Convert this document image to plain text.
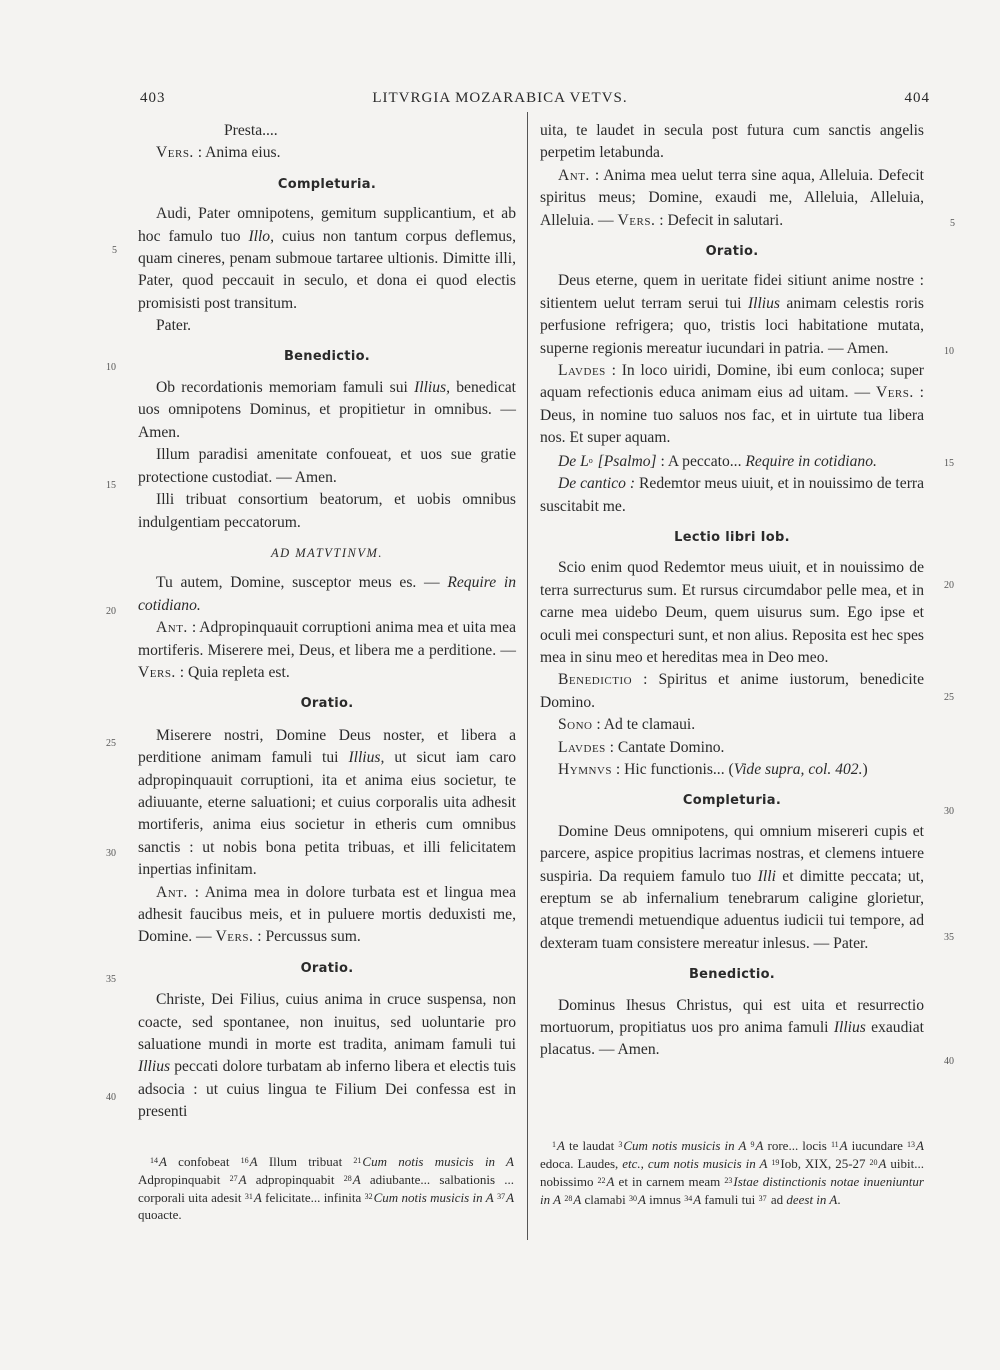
403	LITVRGIA MOZARABICA VETVS.	404

Presta....

Vers. : Anima eius.

Completuria.

Audi, Pater omnipotens, gemitum supplicantium, et ab hoc famulo tuo Illo, cuius non tantum corpus deflemus, quam cineres, penam submoue tartaree ultionis. Dimitte illi, Pater, quod peccauit in seculo, et dona ei quod electis promisisti post transitum.

Pater.

Benedictio.

Ob recordationis memoriam famuli sui Illius, benedicat uos omnipotens Dominus, et propitietur in omnibus. — Amen.

Illum paradisi amenitate confoueat, et uos sue gratie protectione custodiat. — Amen.

Illi tribuat consortium beatorum, et uobis omnibus indulgentiam peccatorum.

AD MATVTINVM.

Tu autem, Domine, susceptor meus es. — Require in cotidiano.

Ant. : Adpropinquauit corruptioni anima mea et uita mea mortiferis. Miserere mei, Deus, et libera me a perditione. — Vers. : Quia repleta est.

Oratio.

Miserere nostri, Domine Deus noster, et libera a perditione animam famuli tui Illius, ut sicut iam caro adpropinquauit corruptioni, ita et anima eius societur, te adiuuante, eterne saluationi; et cuius corporalis uita adhesit mortiferis, anima eius societur in etheris cum omnibus sanctis : ut nobis bona petita tribuas, et illi felicitatem inpertias infinitam.

Ant. : Anima mea in dolore turbata est et lingua mea adhesit faucibus meis, et in puluere mortis deduxisti me, Domine. — Vers. : Percussus sum.

Oratio.

Christe, Dei Filius, cuius anima in cruce suspensa, non coacte, sed spontanee, non inuitus, sed uoluntarie pro saluatione mundi in morte est tradita, animam famuli tui Illius peccati dolore turbatam ab inferno libera et electis tuis adsocia : ut cuius lingua te Filium Dei confessa est in presenti

uita, te laudet in secula post futura cum sanctis angelis perpetim letabunda.

Ant. : Anima mea uelut terra sine aqua, Alleluia. Defecit spiritus meus; Domine, exaudi me, Alleluia, Alleluia, Alleluia. — Vers. : Defecit in salutari.

Oratio.

Deus eterne, quem in ueritate fidei sitiunt anime nostre : sitientem uelut terram serui tui Illius animam celestis roris perfusione refrigera; quo, tristis loci habitatione mutata, superne regionis mereatur iucundari in patria. — Amen.

Lavdes : In loco uiridi, Domine, ibi eum conloca; super aquam refectionis educa animam eius ad uitam. — Vers. : Deus, in nomine tuo saluos nos fac, et in uirtute tua libera nos. Et super aquam.

De $L^o$ [Psalmo] : A peccato... Require in cotidiano.

De cantico : Redemtor meus uiuit, et in nouissimo de terra suscitabit me.

Lectio libri Iob.

Scio enim quod Redemtor meus uiuit, et in nouissimo de terra surrecturus sum. Et rursus circumdabor pelle mea, et in carne mea uidebo Deum, quem uisurus sum. Ego ipse et oculi mei conspecturi sunt, et non alius. Reposita est hec spes mea in sinu meo et hereditas mea in Deo meo.

Benedictio : Spiritus et anime iustorum, benedicite Domino.

Sono : Ad te clamaui.

Lavdes : Cantate Domino.

Hymnvs : Hic functionis... (Vide supra, col. 402.)

Completuria.

Domine Deus omnipotens, qui omnium misereri cupis et parcere, aspice propitius lacrimas nostras, et clemens intuere suspiria. Da requiem famulo tuo Illi et dimitte peccata; ut, ereptum se ab infernalium tenebrarum caligine glorietur, atque tremendi metuendique aduentus iudicii tui tempore, ad dexteram tuam consistere mereatur inlesus. — Pater.

Benedictio.

Dominus Ihesus Christus, qui est uita et resurrectio mortuorum, propitiatus uos pro anima famuli Illius exaudiat placatus. — Amen.

5
10
15
20
25
30
35
40
5
10
15
20
25
30
35
40
$^{14}$A confobeat $^{16}$A Illum tribuat $^{21}$Cum notis musicis in A Adpropinquabit $^{27}$A adpropinquabit $^{28}$A adiubante... salbationis ... corporali uita adesit $^{31}$A felicitate... infinita $^{32}$Cum notis musicis in A $^{37}$A quoacte.
$^1$A te laudat $^3$Cum notis musicis in A $^9$A rore... locis $^{11}$A iucundare $^{13}$A edoca. Laudes, etc., cum notis musicis in A $^{19}$Iob, XIX, 25-27 $^{20}$A uibit... nobissimo $^{22}$A et in carnem meam $^{23}$Istae distinctionis notae inueniuntur in A $^{28}$A clamabi $^{30}$A imnus $^{34}$A famuli tui $^{37}$ ad deest in A.
